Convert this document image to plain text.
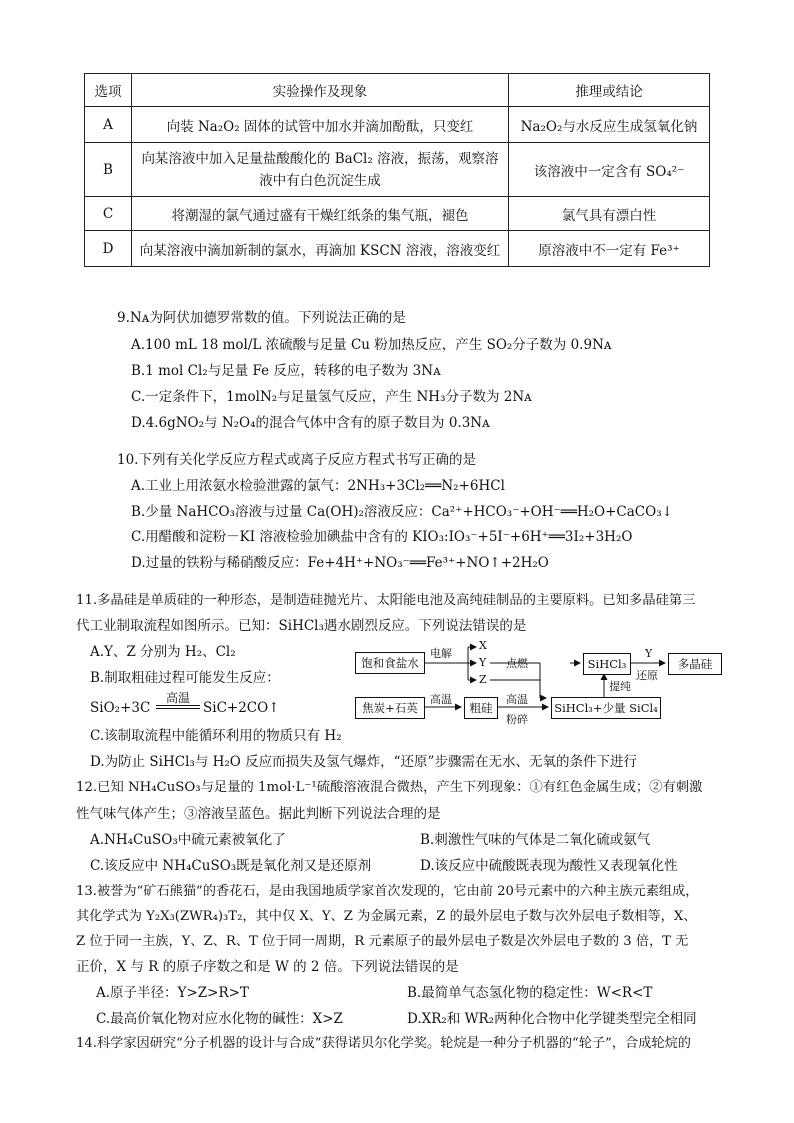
选项	实验操作及现象	推理或结论
A	向装 Na₂O₂ 固体的试管中加水并滴加酚酞，只变红	Na₂O₂与水反应生成氢氧化钠
B	向某溶液中加入足量盐酸酸化的 BaCl₂ 溶液，振荡，观察溶
液中有白色沉淀生成	该溶液中一定含有 SO₄²⁻
C	将潮湿的氯气通过盛有干燥红纸条的集气瓶，褪色	氯气具有漂白性
D	向某溶液中滴加新制的氯水，再滴加 KSCN 溶液，溶液变红	原溶液中不一定有 Fe³⁺
9.Nᴀ为阿伏加德罗常数的值。下列说法正确的是
A.100 mL 18 mol/L 浓硫酸与足量 Cu 粉加热反应，产生 SO₂分子数为 0.9Nᴀ
B.1 mol Cl₂与足量 Fe 反应，转移的电子数为 3Nᴀ
C.一定条件下，1molN₂与足量氢气反应，产生 NH₃分子数为 2Nᴀ
D.4.6gNO₂与 N₂O₄的混合气体中含有的原子数目为 0.3Nᴀ
10.下列有关化学反应方程式或离子反应方程式书写正确的是
A.工业上用浓氨水检验泄露的氯气：2NH₃+3Cl₂══N₂+6HCl
B.少量 NaHCO₃溶液与过量 Ca(OH)₂溶液反应：Ca²⁺+HCO₃⁻+OH⁻══H₂O+CaCO₃↓
C.用醋酸和淀粉－KI 溶液检验加碘盐中含有的 KIO₃:IO₃⁻+5I⁻+6H⁺══3I₂+3H₂O
D.过量的铁粉与稀硝酸反应：Fe+4H⁺+NO₃⁻══Fe³⁺+NO↑+2H₂O
11.多晶硅是单质硅的一种形态，是制造硅抛光片、太阳能电池及高纯硅制品的主要原料。已知多晶硅第三
代工业制取流程如图所示。已知：SiHCl₃遇水剧烈反应。下列说法错误的是
A.Y、Z 分别为 H₂、Cl₂
B.制取粗硅过程可能发生反应：
SiO₂+3C
高温
SiC+2CO↑
C.该制取流程中能循环利用的物质只有 H₂
D.为防止 SiHCl₃与 H₂O 反应而损失及氢气爆炸，“还原”步骤需在无水、无氧的条件下进行
饱和食盐水
电解
X
Y
Z
点燃
焦炭+石英
高温
粗硅
高温
粉碎
SiHCl₃+少量 SiCl₄
提纯
SiHCl₃
Y
还原
多晶硅
12.已知 NH₄CuSO₃与足量的 1mol·L⁻¹硫酸溶液混合微热，产生下列现象：①有红色金属生成；②有刺激
性气味气体产生；③溶液呈蓝色。据此判断下列说法合理的是
A.NH₄CuSO₃中硫元素被氧化了	B.刺激性气味的气体是二氧化硫或氨气
C.该反应中 NH₄CuSO₃既是氧化剂又是还原剂	D.该反应中硫酸既表现为酸性又表现氧化性
13.被誉为“矿石熊猫”的香花石，是由我国地质学家首次发现的，它由前 20号元素中的六种主族元素组成，
其化学式为 Y₂X₃(ZWR₄)₃T₂，其中仅 X、Y、Z 为金属元素，Z 的最外层电子数与次外层电子数相等，X、
Z 位于同一主族，Y、Z、R、T 位于同一周期，R 元素原子的最外层电子数是次外层电子数的 3 倍，T 无
正价，X 与 R 的原子序数之和是 W 的 2 倍。下列说法错误的是
A.原子半径：Y>Z>R>T	B.最简单气态氢化物的稳定性：W<R<T
C.最高价氧化物对应水化物的碱性：X>Z	D.XR₂和 WR₂两种化合物中化学键类型完全相同
14.科学家因研究“分子机器的设计与合成”获得诺贝尔化学奖。轮烷是一种分子机器的“轮子”，合成轮烷的
